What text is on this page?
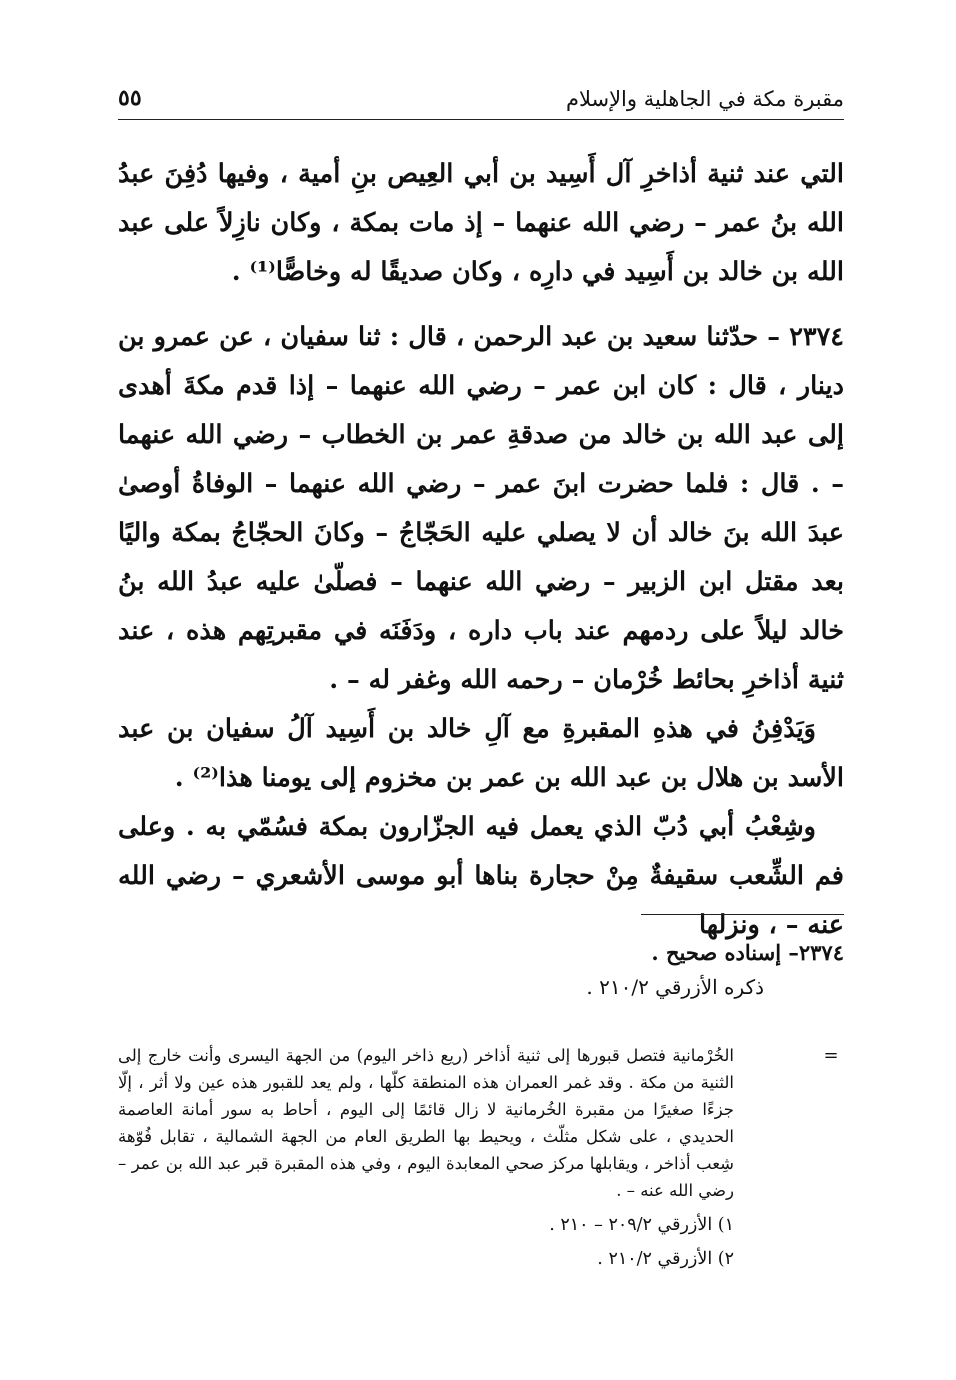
مقبرة مكة في الجاهلية والإسلام
٥٥

التي عند ثنية أذاخرِ آل أَسِيد بن أبي العِيص بنِ أمية ، وفيها دُفِنَ عبدُ الله بنُ عمر – رضي الله عنهما – إذ مات بمكة ، وكان نازِلاً على عبد الله بن خالد بن أَسِيد في دارِه ، وكان صديقًا له وخاصًّا⁽¹⁾ .

٢٣٧٤ – حدّثنا سعيد بن عبد الرحمن ، قال : ثنا سفيان ، عن عمرو بن دينار ، قال : كان ابن عمر – رضي الله عنهما – إذا قدم مكةَ أهدى إلى عبد الله بن خالد من صدقةِ عمر بن الخطاب – رضي الله عنهما – . قال : فلما حضرت ابنَ عمر – رضي الله عنهما – الوفاةُ أوصىٰ عبدَ الله بنَ خالد أن لا يصلي عليه الحَجّاجُ – وكانَ الحجّاجُ بمكة واليًا بعد مقتل ابن الزبير – رضي الله عنهما – فصلّىٰ عليه عبدُ الله بنُ خالد ليلاً على ردمهم عند باب داره ، ودَفَنَه في مقبرتِهم هذه ، عند ثنية أذاخرِ بحائط خُرْمان – رحمه الله وغفر له – .

وَيَدْفِنُ في هذهِ المقبرةِ مع آلِ خالد بن أَسِيد آلُ سفيان بن عبد الأسد بن هلال بن عبد الله بن عمر بن مخزوم إلى يومنا هذا⁽²⁾ .

وشِعْبُ أبي دُبّ الذي يعمل فيه الجزّارون بمكة فسُمّي به . وعلى فم الشِّعب سقيفةٌ مِنْ حجارة بناها أبو موسى الأشعري – رضي الله عنه – ، ونزلها

٢٣٧٤– إسناده صحيح .

ذكره الأزرقي ٢١٠/٢ .

=
الخُرْمانية فتصل قبورها إلى ثنية أذاخر (ريع ذاخر اليوم) من الجهة اليسرى وأنت خارج إلى الثنية من مكة . وقد غمر العمران هذه المنطقة كلّها ، ولم يعد للقبور هذه عين ولا أثر ، إلّا جزءًا صغيرًا من مقبرة الخُرمانية لا زال قائمًا إلى اليوم ، أحاط به سور أمانة العاصمة الحديدي ، على شكل مثلّث ، ويحيط بها الطريق العام من الجهة الشمالية ، تقابل فُوّهة شِعب أذاخر ، ويقابلها مركز صحي المعابدة اليوم ، وفي هذه المقبرة قبر عبد الله بن عمر – رضي الله عنه – .

١) الأزرقي ٢٠٩/٢ – ٢١٠ .

٢) الأزرقي ٢١٠/٢ .
